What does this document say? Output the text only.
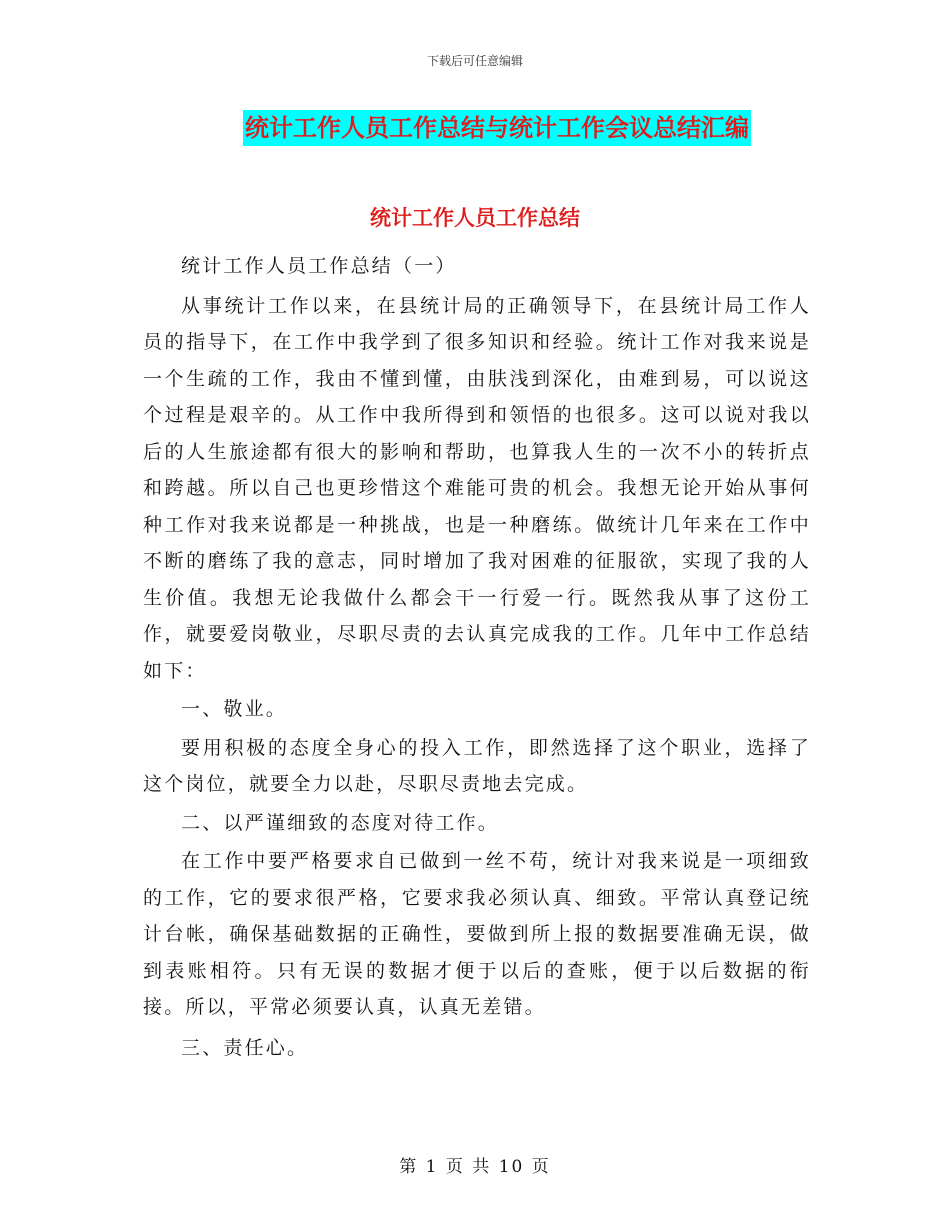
下载后可任意编辑
统计工作人员工作总结与统计工作会议总结汇编
统计工作人员工作总结

统计工作人员工作总结（一）

从事统计工作以来，在县统计局的正确领导下，在县统计局工作人员的指导下，在工作中我学到了很多知识和经验。统计工作对我来说是一个生疏的工作，我由不懂到懂，由肤浅到深化，由难到易，可以说这个过程是艰辛的。从工作中我所得到和领悟的也很多。这可以说对我以后的人生旅途都有很大的影响和帮助，也算我人生的一次不小的转折点和跨越。所以自己也更珍惜这个难能可贵的机会。我想无论开始从事何种工作对我来说都是一种挑战，也是一种磨练。做统计几年来在工作中不断的磨练了我的意志，同时增加了我对困难的征服欲，实现了我的人生价值。我想无论我做什么都会干一行爱一行。既然我从事了这份工作，就要爱岗敬业，尽职尽责的去认真完成我的工作。几年中工作总结如下：

一、敬业。

要用积极的态度全身心的投入工作，即然选择了这个职业，选择了这个岗位，就要全力以赴，尽职尽责地去完成。

二、以严谨细致的态度对待工作。

在工作中要严格要求自已做到一丝不苟，统计对我来说是一项细致的工作，它的要求很严格，它要求我必须认真、细致。平常认真登记统计台帐，确保基础数据的正确性，要做到所上报的数据要准确无误，做到表账相符。只有无误的数据才便于以后的查账，便于以后数据的衔接。所以，平常必须要认真，认真无差错。

三、责任心。

第 1 页 共 10 页
